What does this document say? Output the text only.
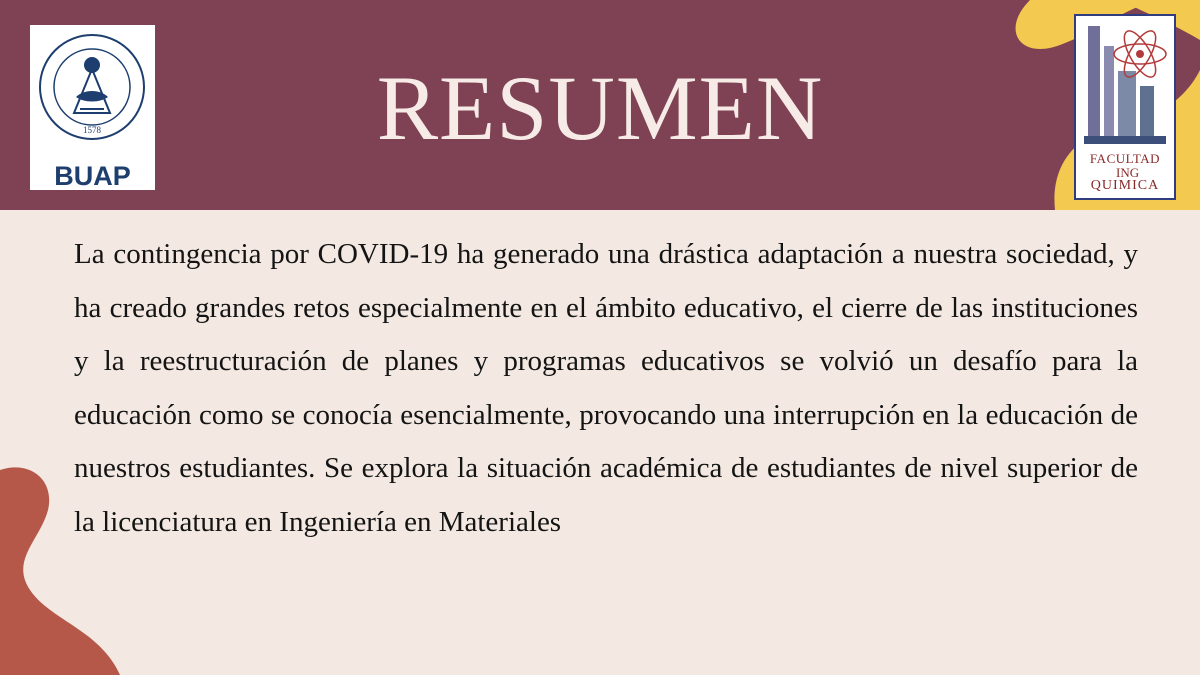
1578
BUAP
RESUMEN	FACULTAD
ING
QUIMICA
La contingencia por COVID-19 ha generado una drástica adaptación a nuestra sociedad, y ha creado grandes retos especialmente en el ámbito educativo, el cierre de las instituciones y la reestructuración de planes y programas educativos se volvió un desafío para la educación como se conocía esencialmente, provocando una interrupción en la educación de nuestros estudiantes. Se explora la situación académica de estudiantes de nivel superior de la licenciatura en Ingeniería en Materiales
